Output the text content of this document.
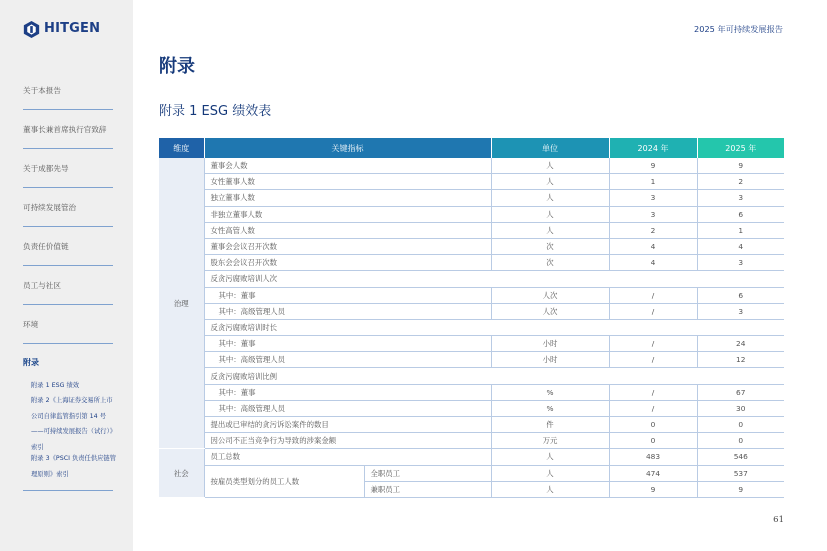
HITGEN
关于本报告
董事长兼首席执行官致辞
关于成都先导
可持续发展管治
负责任价值链
员工与社区
环境
附录
附录 1 ESG 绩效
附录 2《上海证券交易所上市公司自律监管指引第 14 号——可持续发展报告（试行）》索引
附录 3《PSCI 负责任供应链管理原则》索引
2025 年可持续发展报告
附录
附录 1 ESG 绩效表
维度	关键指标		单位	2024 年	2025 年
治理	董事会人数		人	9	9
	女性董事人数		人	1	2
	独立董事人数		人	3	3
	非独立董事人数		人	3	6
	女性高管人数		人	2	1
	董事会会议召开次数		次	4	4
	股东会会议召开次数		次	4	3
	反贪污腐败培训人次				
	其中：董事		人次	/	6
	其中：高级管理人员		人次	/	3
	反贪污腐败培训时长				
	其中：董事		小时	/	24
	其中：高级管理人员		小时	/	12
	反贪污腐败培训比例				
	其中：董事		%	/	67
	其中：高级管理人员		%	/	30
	提出或已审结的贪污诉讼案件的数目		件	0	0
	因公司不正当竞争行为导致的涉案金额		万元	0	0
社会	员工总数		人	483	546
	按雇员类型划分的员工人数	全职员工	人	474	537
		兼职员工	人	9	9
61
